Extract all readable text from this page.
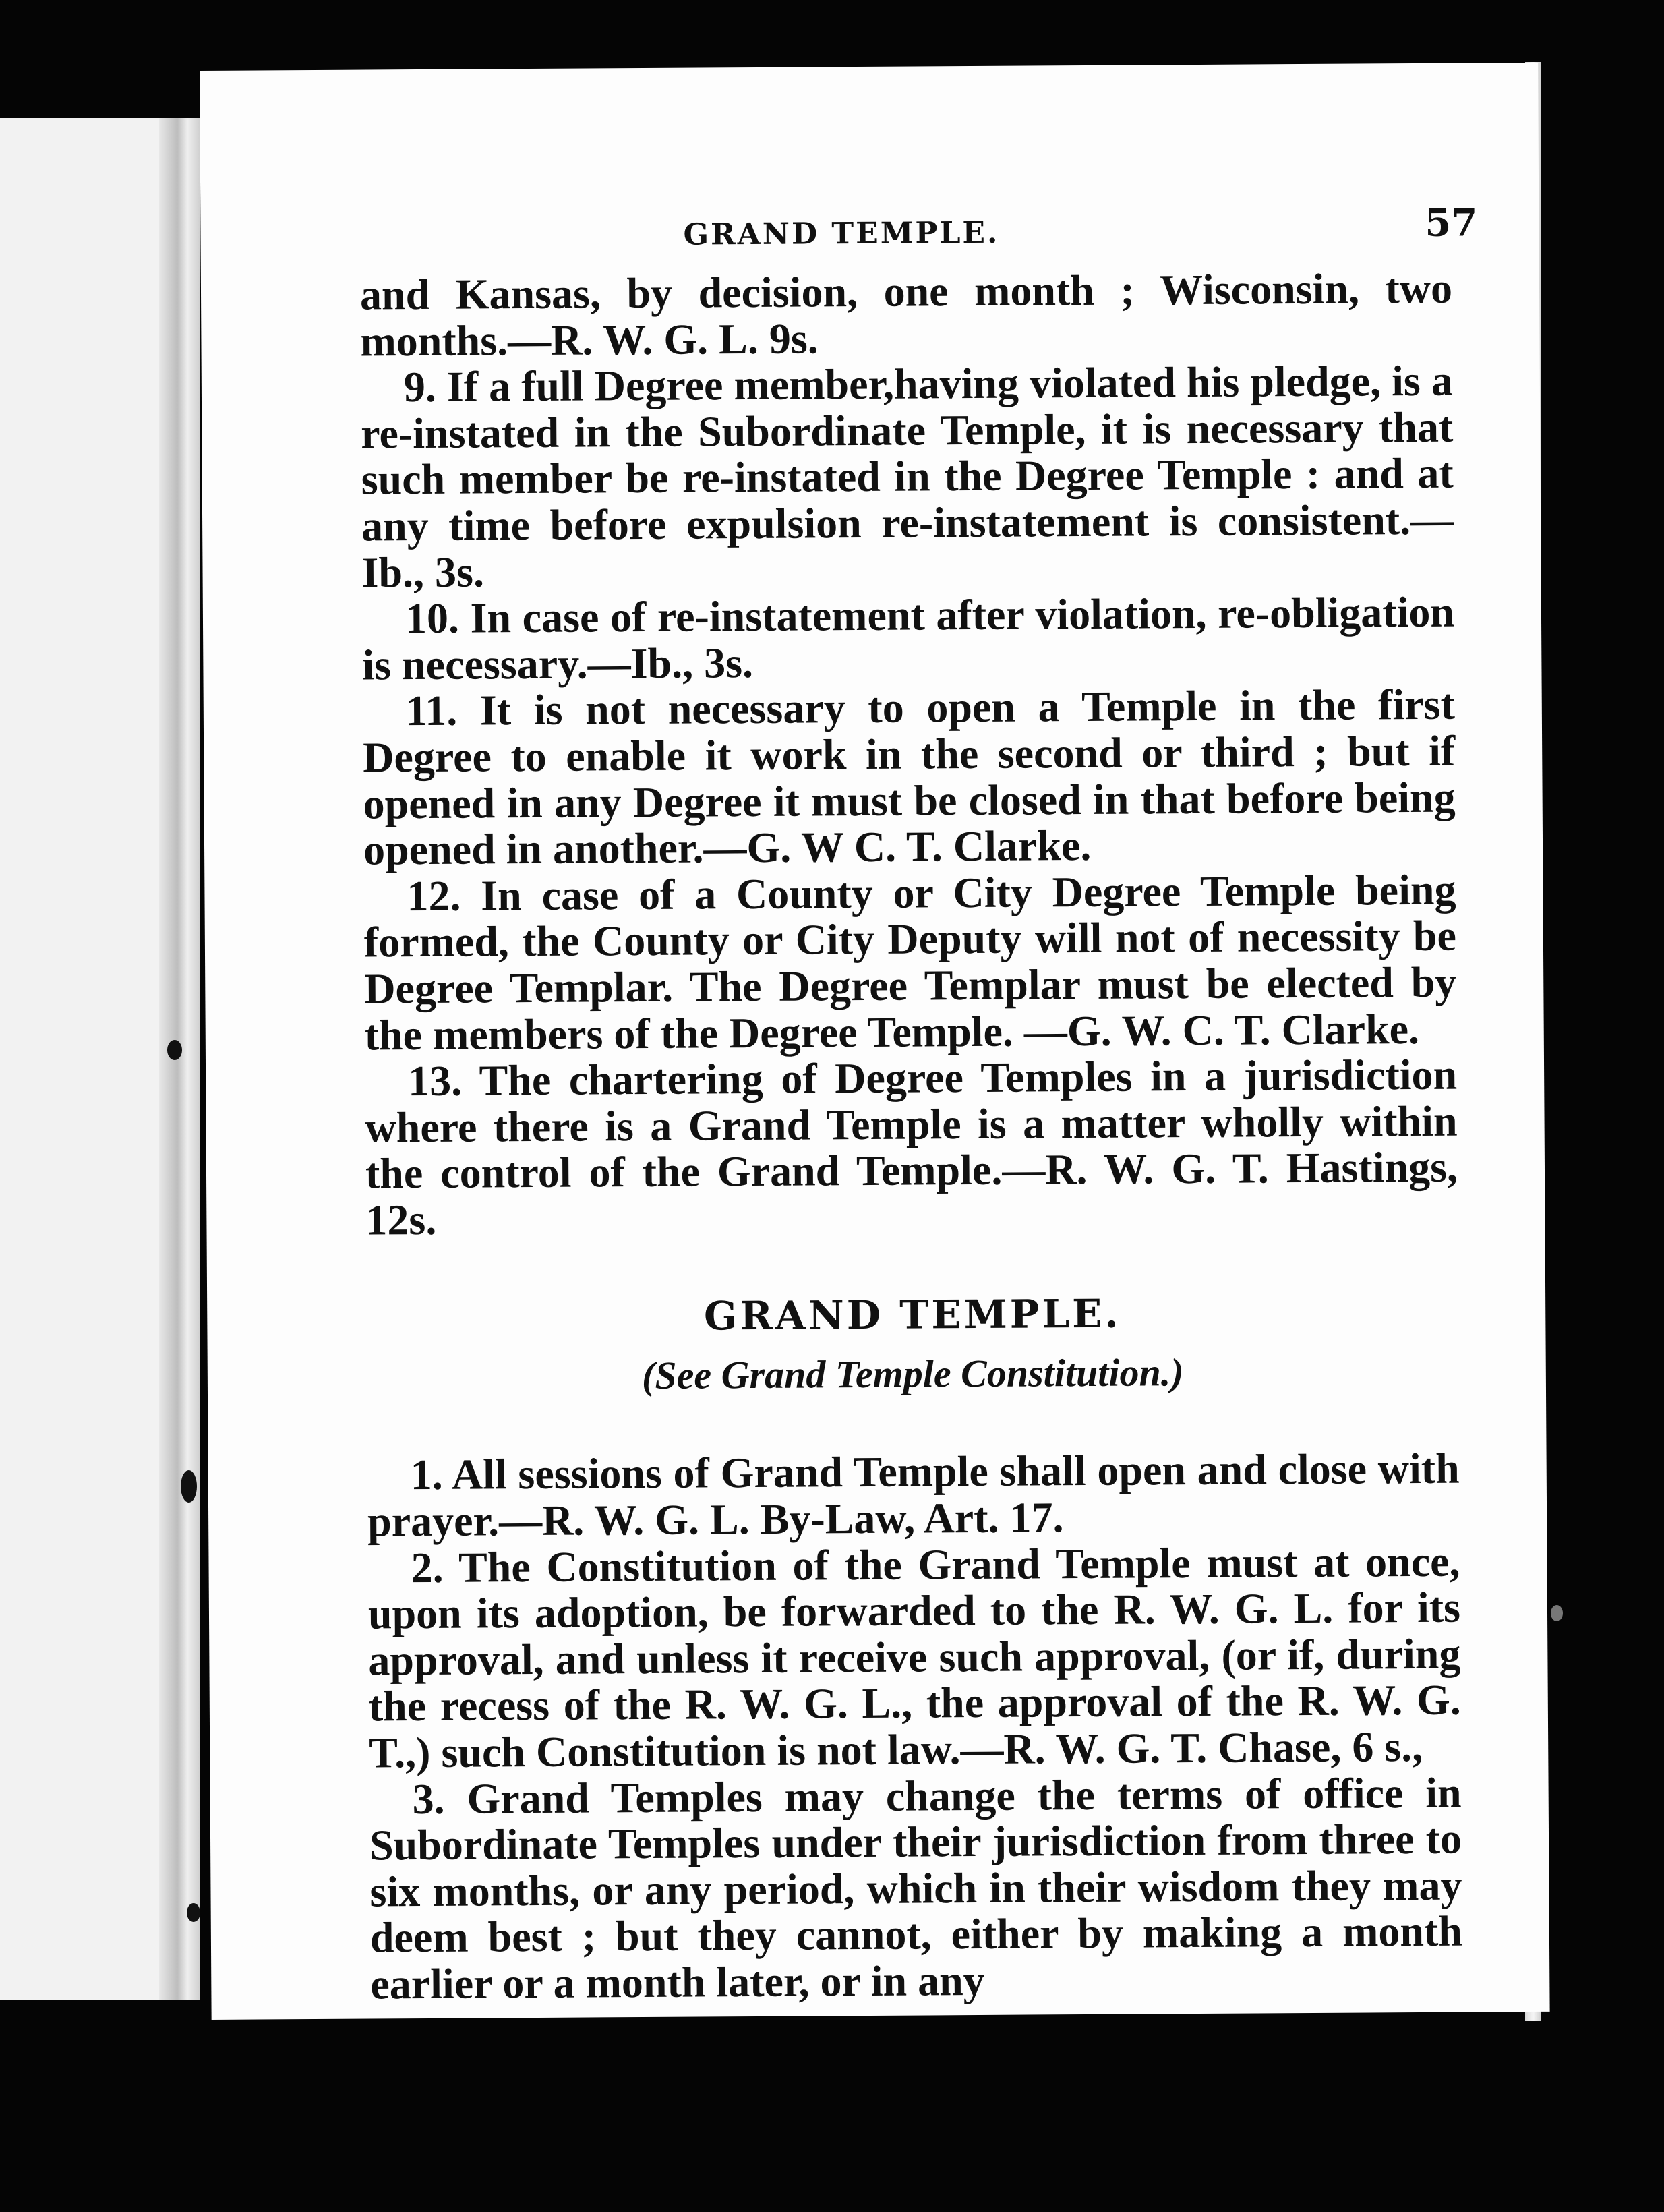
GRAND TEMPLE.	57

and Kansas, by decision, one month ; Wisconsin, two months.—R. W. G. L. 9s.

9. If a full Degree member,having violated his pledge, is a re-instated in the Subordinate Temple, it is necessary that such member be re-instated in the Degree Temple : and at any time before expulsion re-instatement is consistent.—Ib., 3s.

10. In case of re-instatement after violation, re-obligation is necessary.—Ib., 3s.

11. It is not necessary to open a Temple in the first Degree to enable it work in the second or third ; but if opened in any Degree it must be closed in that before being opened in another.—G. W C. T. Clarke.

12. In case of a County or City Degree Temple being formed, the County or City Deputy will not of necessity be Degree Templar. The Degree Templar must be elected by the members of the Degree Temple. —G. W. C. T. Clarke.

13. The chartering of Degree Temples in a jurisdiction where there is a Grand Temple is a matter wholly within the control of the Grand Temple.—R. W. G. T. Hastings, 12s.

GRAND TEMPLE.
(See Grand Temple Constitution.)

1. All sessions of Grand Temple shall open and close with prayer.—R. W. G. L. By-Law, Art. 17.

2. The Constitution of the Grand Temple must at once, upon its adoption, be forwarded to the R. W. G. L. for its approval, and unless it receive such approval, (or if, during the recess of the R. W. G. L., the approval of the R. W. G. T.,) such Constitution is not law.—R. W. G. T. Chase, 6 s.,

3. Grand Temples may change the terms of office in Subordinate Temples under their jurisdiction from three to six months, or any period, which in their wisdom they may deem best ; but they cannot, either by making a month earlier or a month later, or in any
